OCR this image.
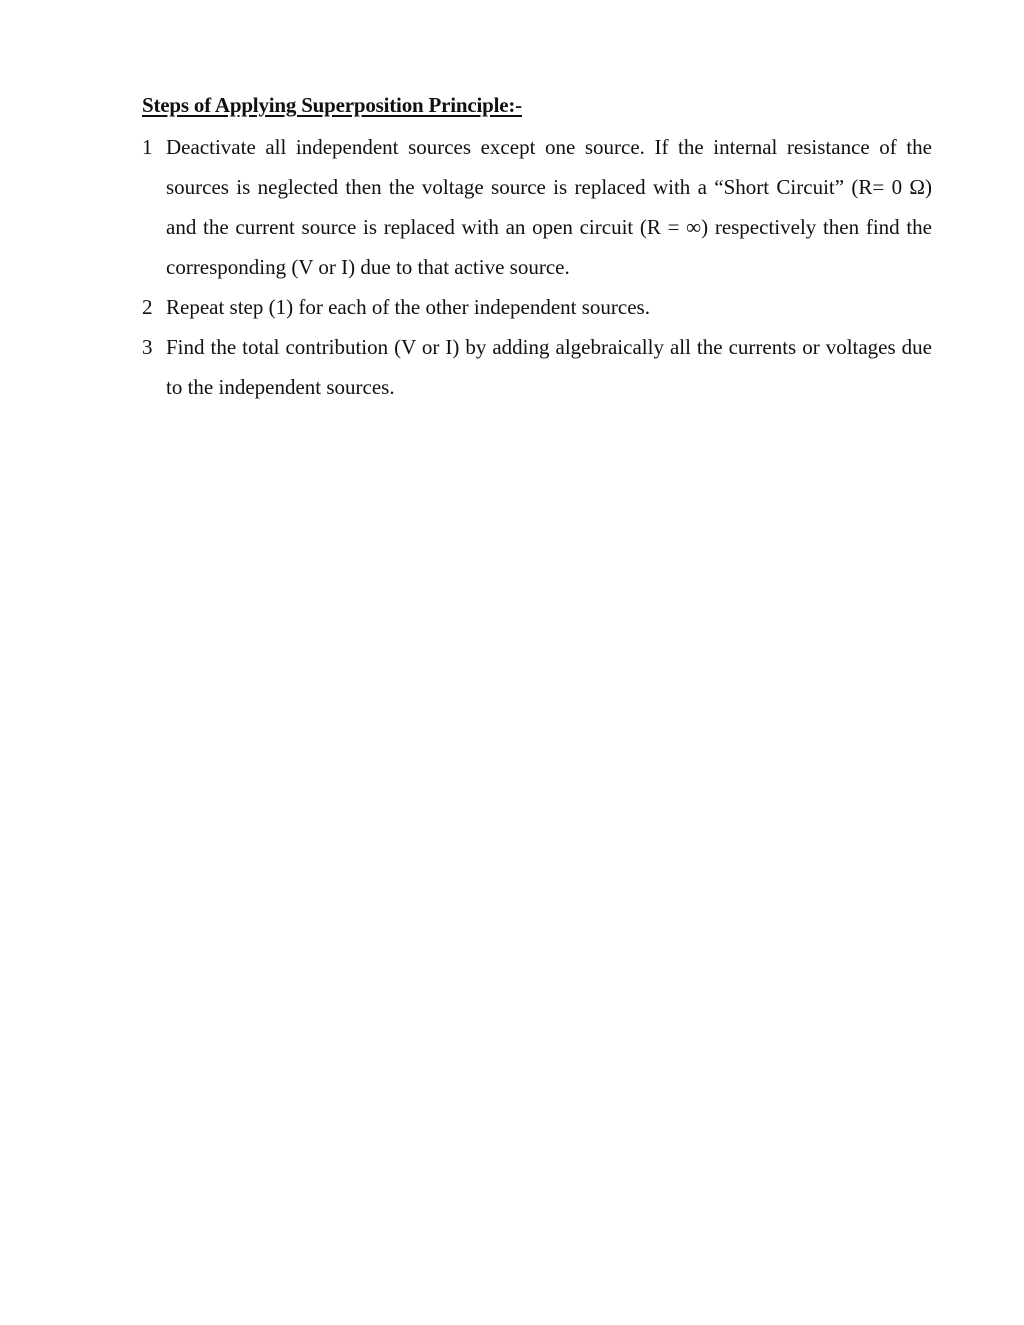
Steps of Applying Superposition Principle:-
1 Deactivate all independent sources except one source. If the internal resistance of the sources is neglected then the voltage source is replaced with a “Short Circuit” (R= 0 Ω) and the current source is replaced with an open circuit (R = ∞) respectively then find the corresponding (V or I) due to that active source.
2 Repeat step (1) for each of the other independent sources.
3 Find the total contribution (V or I) by adding algebraically all the currents or voltages due to the independent sources.
